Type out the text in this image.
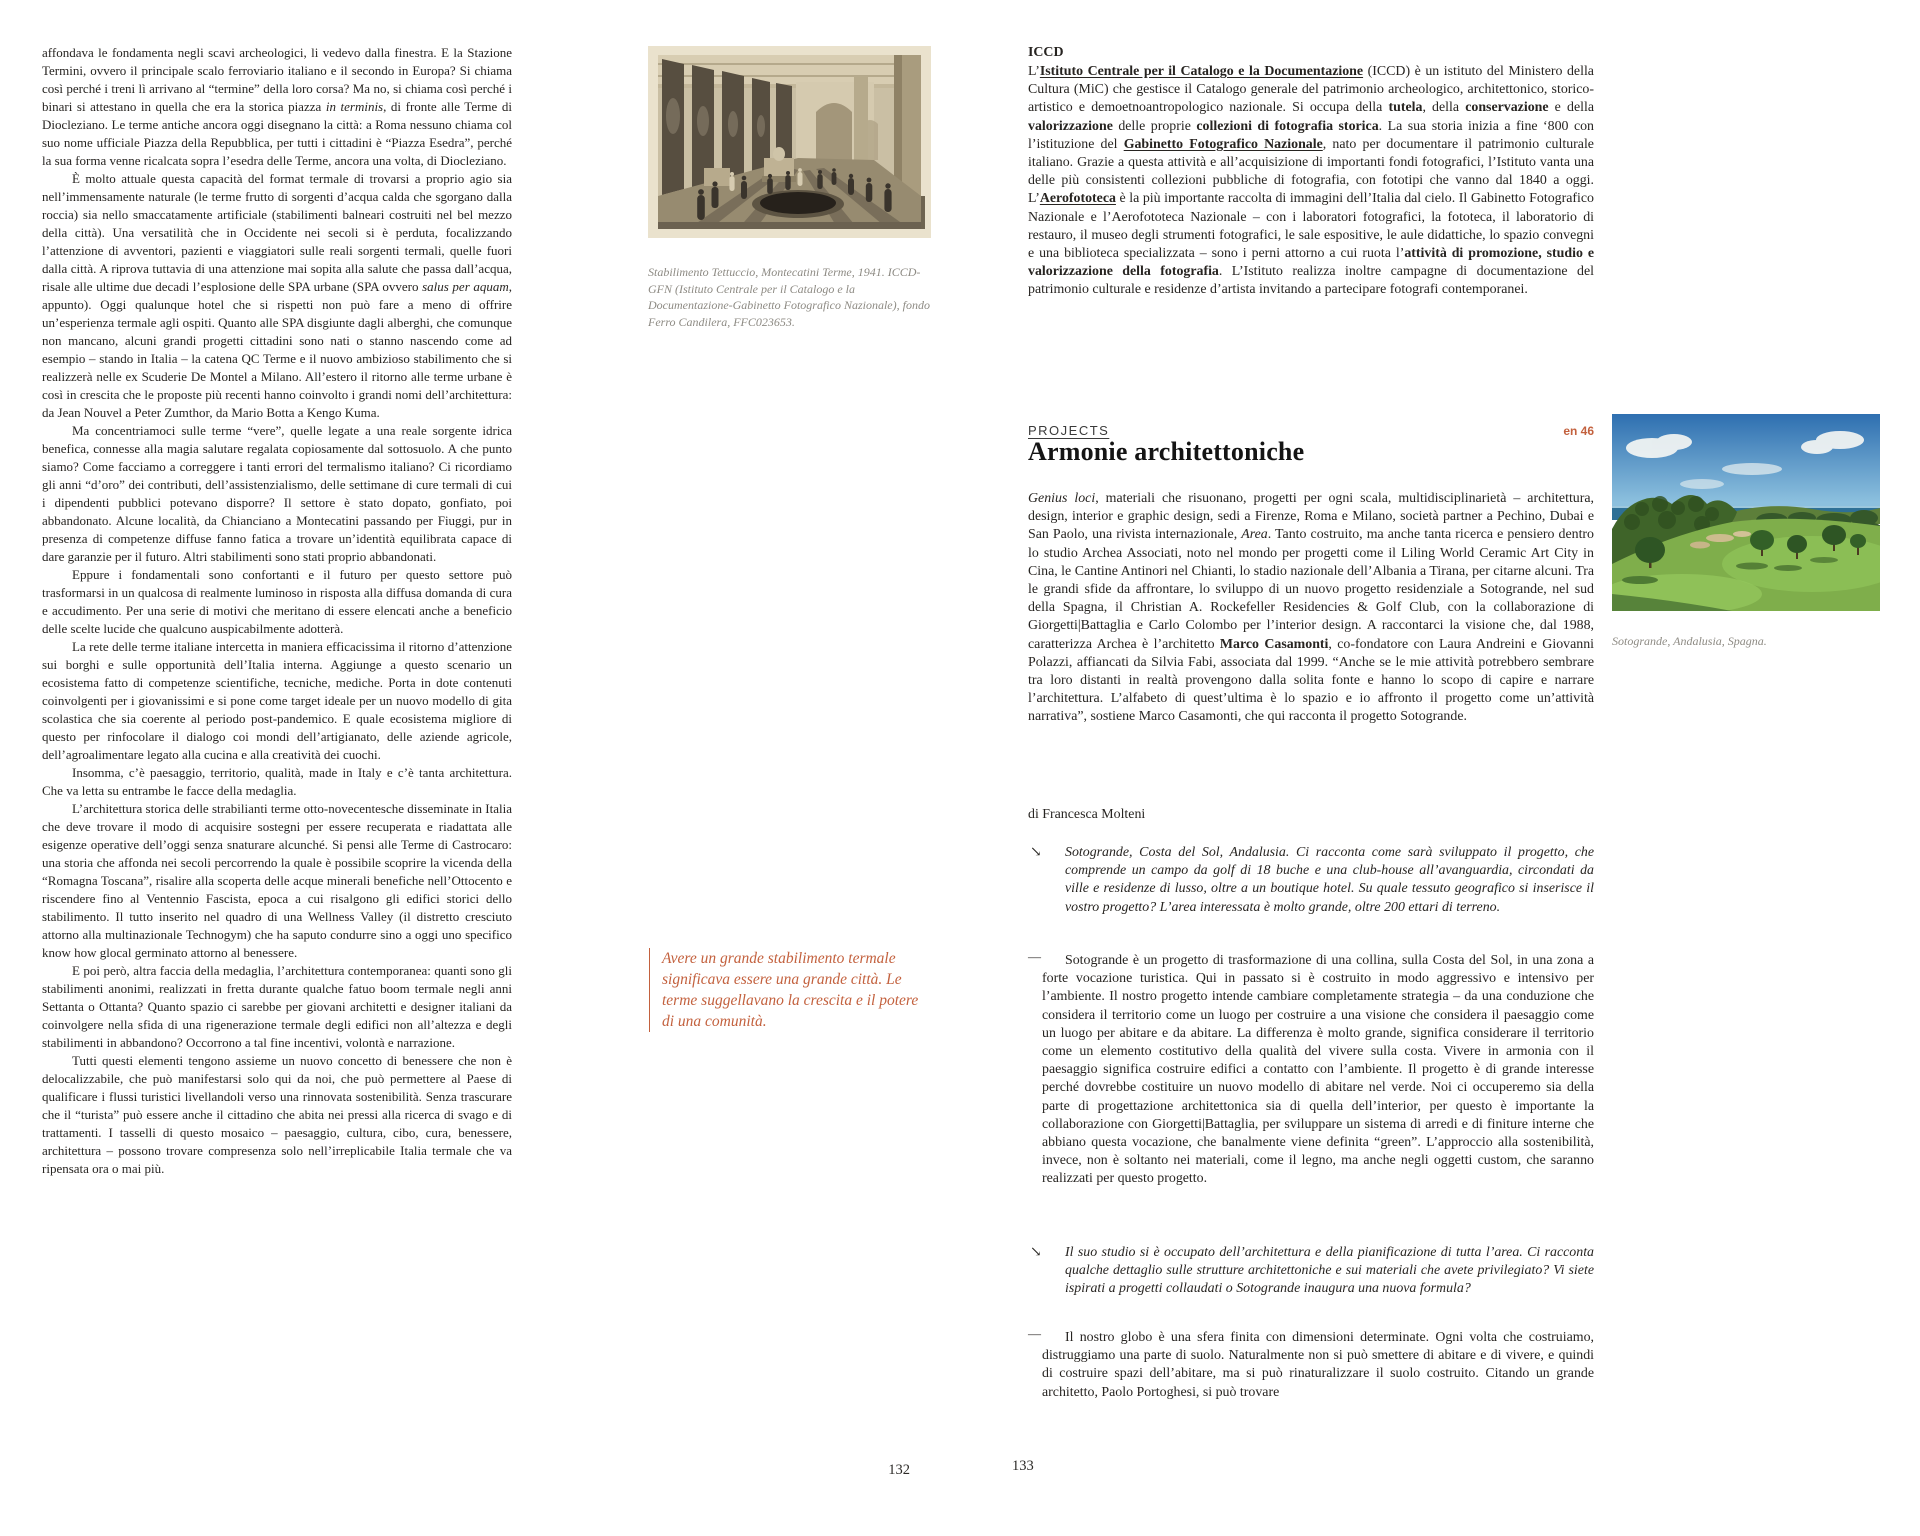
affondava le fondamenta negli scavi archeologici, li vedevo dalla finestra. E la Stazione Termini, ovvero il principale scalo ferroviario italiano e il secondo in Europa? Si chiama così perché i treni lì arrivano al “termine” della loro corsa? Ma no, si chiama così perché i binari si attestano in quella che era la storica piazza in terminis, di fronte alle Terme di Diocleziano. Le terme antiche ancora oggi disegnano la città: a Roma nessuno chiama col suo nome ufficiale Piazza della Repubblica, per tutti i cittadini è “Piazza Esedra”, perché la sua forma venne ricalcata sopra l’esedra delle Terme, ancora una volta, di Diocleziano.

È molto attuale questa capacità del format termale di trovarsi a proprio agio sia nell’immensamente naturale (le terme frutto di sorgenti d’acqua calda che sgorgano dalla roccia) sia nello smaccatamente artificiale (stabilimenti balneari costruiti nel bel mezzo della città). Una versatilità che in Occidente nei secoli si è perduta, focalizzando l’attenzione di avventori, pazienti e viaggiatori sulle reali sorgenti termali, quelle fuori dalla città. A riprova tuttavia di una attenzione mai sopita alla salute che passa dall’acqua, risale alle ultime due decadi l’esplosione delle SPA urbane (SPA ovvero salus per aquam, appunto). Oggi qualunque hotel che si rispetti non può fare a meno di offrire un’esperienza termale agli ospiti. Quanto alle SPA disgiunte dagli alberghi, che comunque non mancano, alcuni grandi progetti cittadini sono nati o stanno nascendo come ad esempio – stando in Italia – la catena QC Terme e il nuovo ambizioso stabilimento che si realizzerà nelle ex Scuderie De Montel a Milano. All’estero il ritorno alle terme urbane è così in crescita che le proposte più recenti hanno coinvolto i grandi nomi dell’architettura: da Jean Nouvel a Peter Zumthor, da Mario Botta a Kengo Kuma.

Ma concentriamoci sulle terme “vere”, quelle legate a una reale sorgente idrica benefica, connesse alla magia salutare regalata copiosamente dal sottosuolo. A che punto siamo? Come facciamo a correggere i tanti errori del termalismo italiano? Ci ricordiamo gli anni “d’oro” dei contributi, dell’assistenzialismo, delle settimane di cure termali di cui i dipendenti pubblici potevano disporre? Il settore è stato dopato, gonfiato, poi abbandonato. Alcune località, da Chianciano a Montecatini passando per Fiuggi, pur in presenza di competenze diffuse fanno fatica a trovare un’identità equilibrata capace di dare garanzie per il futuro. Altri stabilimenti sono stati proprio abbandonati.

Eppure i fondamentali sono confortanti e il futuro per questo settore può trasformarsi in un qualcosa di realmente luminoso in risposta alla diffusa domanda di cura e accudimento. Per una serie di motivi che meritano di essere elencati anche a beneficio delle scelte lucide che qualcuno auspicabilmente adotterà.

La rete delle terme italiane intercetta in maniera efficacissima il ritorno d’attenzione sui borghi e sulle opportunità dell’Italia interna. Aggiunge a questo scenario un ecosistema fatto di competenze scientifiche, tecniche, mediche. Porta in dote contenuti coinvolgenti per i giovanissimi e si pone come target ideale per un nuovo modello di gita scolastica che sia coerente al periodo post-pandemico. E quale ecosistema migliore di questo per rinfocolare il dialogo coi mondi dell’artigianato, delle aziende agricole, dell’agroalimentare legato alla cucina e alla creatività dei cuochi.

Insomma, c’è paesaggio, territorio, qualità, made in Italy e c’è tanta architettura. Che va letta su entrambe le facce della medaglia.

L’architettura storica delle strabilianti terme otto-novecentesche disseminate in Italia che deve trovare il modo di acquisire sostegni per essere recuperata e riadattata alle esigenze operative dell’oggi senza snaturare alcunché. Si pensi alle Terme di Castrocaro: una storia che affonda nei secoli percorrendo la quale è possibile scoprire la vicenda della “Romagna Toscana”, risalire alla scoperta delle acque minerali benefiche nell’Ottocento e riscendere fino al Ventennio Fascista, epoca a cui risalgono gli edifici storici dello stabilimento. Il tutto inserito nel quadro di una Wellness Valley (il distretto cresciuto attorno alla multinazionale Technogym) che ha saputo condurre sino a oggi uno specifico know how glocal germinato attorno al benessere.

E poi però, altra faccia della medaglia, l’architettura contemporanea: quanti sono gli stabilimenti anonimi, realizzati in fretta durante qualche fatuo boom termale negli anni Settanta o Ottanta? Quanto spazio ci sarebbe per giovani architetti e designer italiani da coinvolgere nella sfida di una rigenerazione termale degli edifici non all’altezza e degli stabilimenti in abbandono? Occorrono a tal fine incentivi, volontà e narrazione.

Tutti questi elementi tengono assieme un nuovo concetto di benessere che non è delocalizzabile, che può manifestarsi solo qui da noi, che può permettere al Paese di qualificare i flussi turistici livellandoli verso una rinnovata sostenibilità. Senza trascurare che il “turista” può essere anche il cittadino che abita nei pressi alla ricerca di svago e di trattamenti. I tasselli di questo mosaico – paesaggio, cultura, cibo, cura, benessere, architettura – possono trovare compresenza solo nell’irreplicabile Italia termale che va ripensata ora o mai più.

Stabilimento Tettuccio, Montecatini Terme, 1941. ICCD-GFN (Istituto Centrale per il Catalogo e la Documentazione-Gabinetto Fotografico Nazionale), fondo Ferro Candilera, FFC023653.

Avere un grande stabilimento termale significava essere una grande città. Le terme suggellavano la crescita e il potere di una comunità.

ICCD

L’Istituto Centrale per il Catalogo e la Documentazione (ICCD) è un istituto del Ministero della Cultura (MiC) che gestisce il Catalogo generale del patrimonio archeologico, architettonico, storico-artistico e demoetnoantropologico nazionale. Si occupa della tutela, della conservazione e della valorizzazione delle proprie collezioni di fotografia storica. La sua storia inizia a fine ‘800 con l’istituzione del Gabinetto Fotografico Nazionale, nato per documentare il patrimonio culturale italiano. Grazie a questa attività e all’acquisizione di importanti fondi fotografici, l’Istituto vanta una delle più consistenti collezioni pubbliche di fotografia, con fototipi che vanno dal 1840 a oggi. L’Aerofototeca è la più importante raccolta di immagini dell’Italia dal cielo. Il Gabinetto Fotografico Nazionale e l’Aerofototeca Nazionale – con i laboratori fotografici, la fototeca, il laboratorio di restauro, il museo degli strumenti fotografici, le sale espositive, le aule didattiche, lo spazio convegni e una biblioteca specializzata – sono i perni attorno a cui ruota l’attività di promozione, studio e valorizzazione della fotografia. L’Istituto realizza inoltre campagne di documentazione del patrimonio culturale e residenze d’artista invitando a partecipare fotografi contemporanei.

PROJECTS	en 46
Armonie architettoniche

Genius loci, materiali che risuonano, progetti per ogni scala, multidisciplinarietà – architettura, design, interior e graphic design, sedi a Firenze, Roma e Milano, società partner a Pechino, Dubai e San Paolo, una rivista internazionale, Area. Tanto costruito, ma anche tanta ricerca e pensiero dentro lo studio Archea Associati, noto nel mondo per progetti come il Liling World Ceramic Art City in Cina, le Cantine Antinori nel Chianti, lo stadio nazionale dell’Albania a Tirana, per citarne alcuni. Tra le grandi sfide da affrontare, lo sviluppo di un nuovo progetto residenziale a Sotogrande, nel sud della Spagna, il Christian A. Rockefeller Residencies & Golf Club, con la collaborazione di Giorgetti|Battaglia e Carlo Colombo per l’interior design. A raccontarci la visione che, dal 1988, caratterizza Archea è l’architetto Marco Casamonti, co-fondatore con Laura Andreini e Giovanni Polazzi, affiancati da Silvia Fabi, associata dal 1999. “Anche se le mie attività potrebbero sembrare tra loro distanti in realtà provengono dalla solita fonte e hanno lo scopo di capire e narrare l’architettura. L’alfabeto di quest’ultima è lo spazio e io affronto il progetto come un’attività narrativa”, sostiene Marco Casamonti, che qui racconta il progetto Sotogrande.

di Francesca Molteni

↘ Sotogrande, Costa del Sol, Andalusia. Ci racconta come sarà sviluppato il progetto, che comprende un campo da golf di 18 buche e una club-house all’avanguardia, circondati da ville e residenze di lusso, oltre a un boutique hotel. Su quale tessuto geografico si inserisce il vostro progetto? L’area interessata è molto grande, oltre 200 ettari di terreno.

—	Sotogrande è un progetto di trasformazione di una collina, sulla Costa del Sol, in una zona a forte vocazione turistica. Qui in passato si è costruito in modo aggressivo e intensivo per l’ambiente. Il nostro progetto intende cambiare completamente strategia – da una conduzione che considera il territorio come un luogo per costruire a una visione che considera il paesaggio come un luogo per abitare e da abitare. La differenza è molto grande, significa considerare il territorio come un elemento costitutivo della qualità del vivere sulla costa. Vivere in armonia con il paesaggio significa costruire edifici a contatto con l’ambiente. Il progetto è di grande interesse perché dovrebbe costituire un nuovo modello di abitare nel verde. Noi ci occuperemo sia della parte di progettazione architettonica sia di quella dell’interior, per questo è importante la collaborazione con Giorgetti|Battaglia, per sviluppare un sistema di arredi e di finiture interne che abbiano questa vocazione, che banalmente viene definita “green”. L’approccio alla sostenibilità, invece, non è soltanto nei materiali, come il legno, ma anche negli oggetti custom, che saranno realizzati per questo progetto.

↘ Il suo studio si è occupato dell’architettura e della pianificazione di tutta l’area. Ci racconta qualche dettaglio sulle strutture architettoniche e sui materiali che avete privilegiato? Vi siete ispirati a progetti collaudati o Sotogrande inaugura una nuova formula?

—	Il nostro globo è una sfera finita con dimensioni determinate. Ogni volta che costruiamo, distruggiamo una parte di suolo. Naturalmente non si può smettere di abitare e di vivere, e quindi di costruire spazi dell’abitare, ma si può rinaturalizzare il suolo costruito. Citando un grande architetto, Paolo Portoghesi, si può trovare

Sotogrande, Andalusia, Spagna.

132	133
